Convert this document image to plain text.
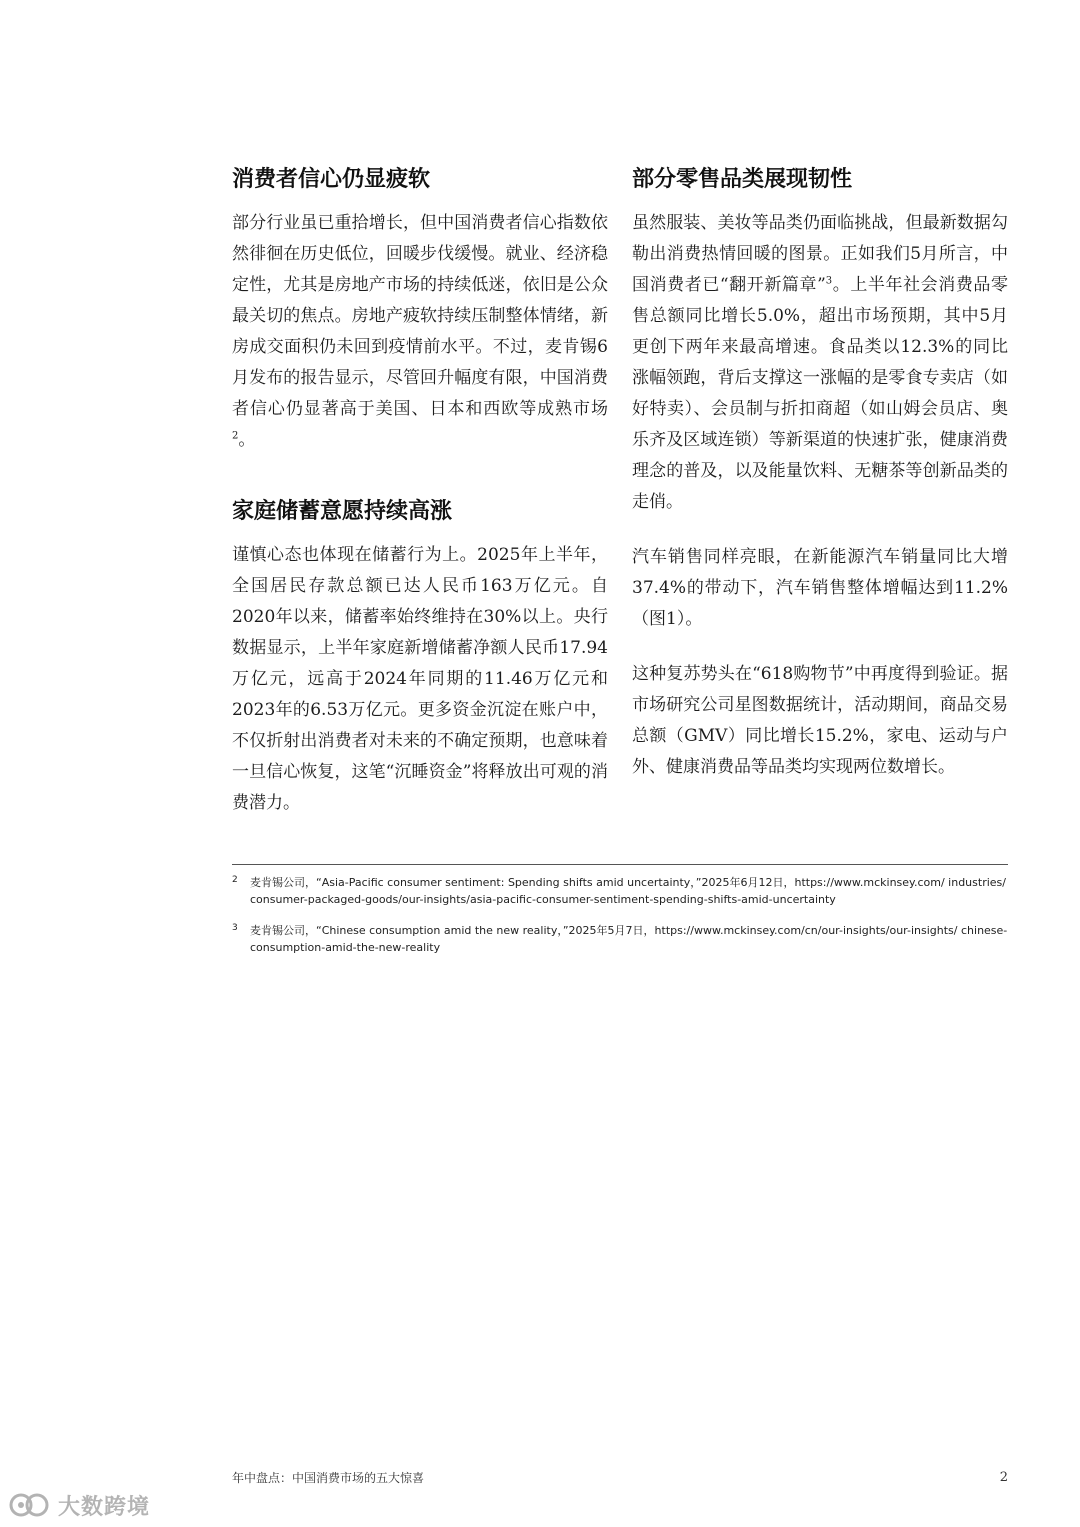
消费者信心仍显疲软

部分行业虽已重拾增长，但中国消费者信心指数依然徘徊在历史低位，回暖步伐缓慢。就业、经济稳定性，尤其是房地产市场的持续低迷，依旧是公众最关切的焦点。房地产疲软持续压制整体情绪，新房成交面积仍未回到疫情前水平。不过，麦肯锡6月发布的报告显示，尽管回升幅度有限，中国消费者信心仍显著高于美国、日本和西欧等成熟市场$^2$。

家庭储蓄意愿持续高涨

谨慎心态也体现在储蓄行为上。2025年上半年，全国居民存款总额已达人民币163万亿元。自2020年以来，储蓄率始终维持在30%以上。央行数据显示，上半年家庭新增储蓄净额人民币17.94万亿元，远高于2024年同期的11.46万亿元和2023年的6.53万亿元。更多资金沉淀在账户中，不仅折射出消费者对未来的不确定预期，也意味着一旦信心恢复，这笔“沉睡资金”将释放出可观的消费潜力。

部分零售品类展现韧性

虽然服装、美妆等品类仍面临挑战，但最新数据勾勒出消费热情回暖的图景。正如我们5月所言，中国消费者已“翻开新篇章”$^3$。上半年社会消费品零售总额同比增长5.0%，超出市场预期，其中5月更创下两年来最高增速。食品类以12.3%的同比涨幅领跑，背后支撑这一涨幅的是零食专卖店（如好特卖）、会员制与折扣商超（如山姆会员店、奥乐齐及区域连锁）等新渠道的快速扩张，健康消费理念的普及，以及能量饮料、无糖茶等创新品类的走俏。

汽车销售同样亮眼，在新能源汽车销量同比大增37.4%的带动下，汽车销售整体增幅达到11.2%（图1）。

这种复苏势头在“618购物节”中再度得到验证。据市场研究公司星图数据统计，活动期间，商品交易总额（GMV）同比增长15.2%，家电、运动与户外、健康消费品等品类均实现两位数增长。

2 麦肯锡公司，“Asia-Pacific consumer sentiment: Spending shifts amid uncertainty，”2025年6月12日，https://www.mckinsey.com/ industries/consumer-packaged-goods/our-insights/asia-pacific-consumer-sentiment-spending-shifts-amid-uncertainty
3 麦肯锡公司，“Chinese consumption amid the new reality，”2025年5月7日，https://www.mckinsey.com/cn/our-insights/our-insights/ chinese-consumption-amid-the-new-reality
年中盘点：中国消费市场的五大惊喜	2
大数跨境
